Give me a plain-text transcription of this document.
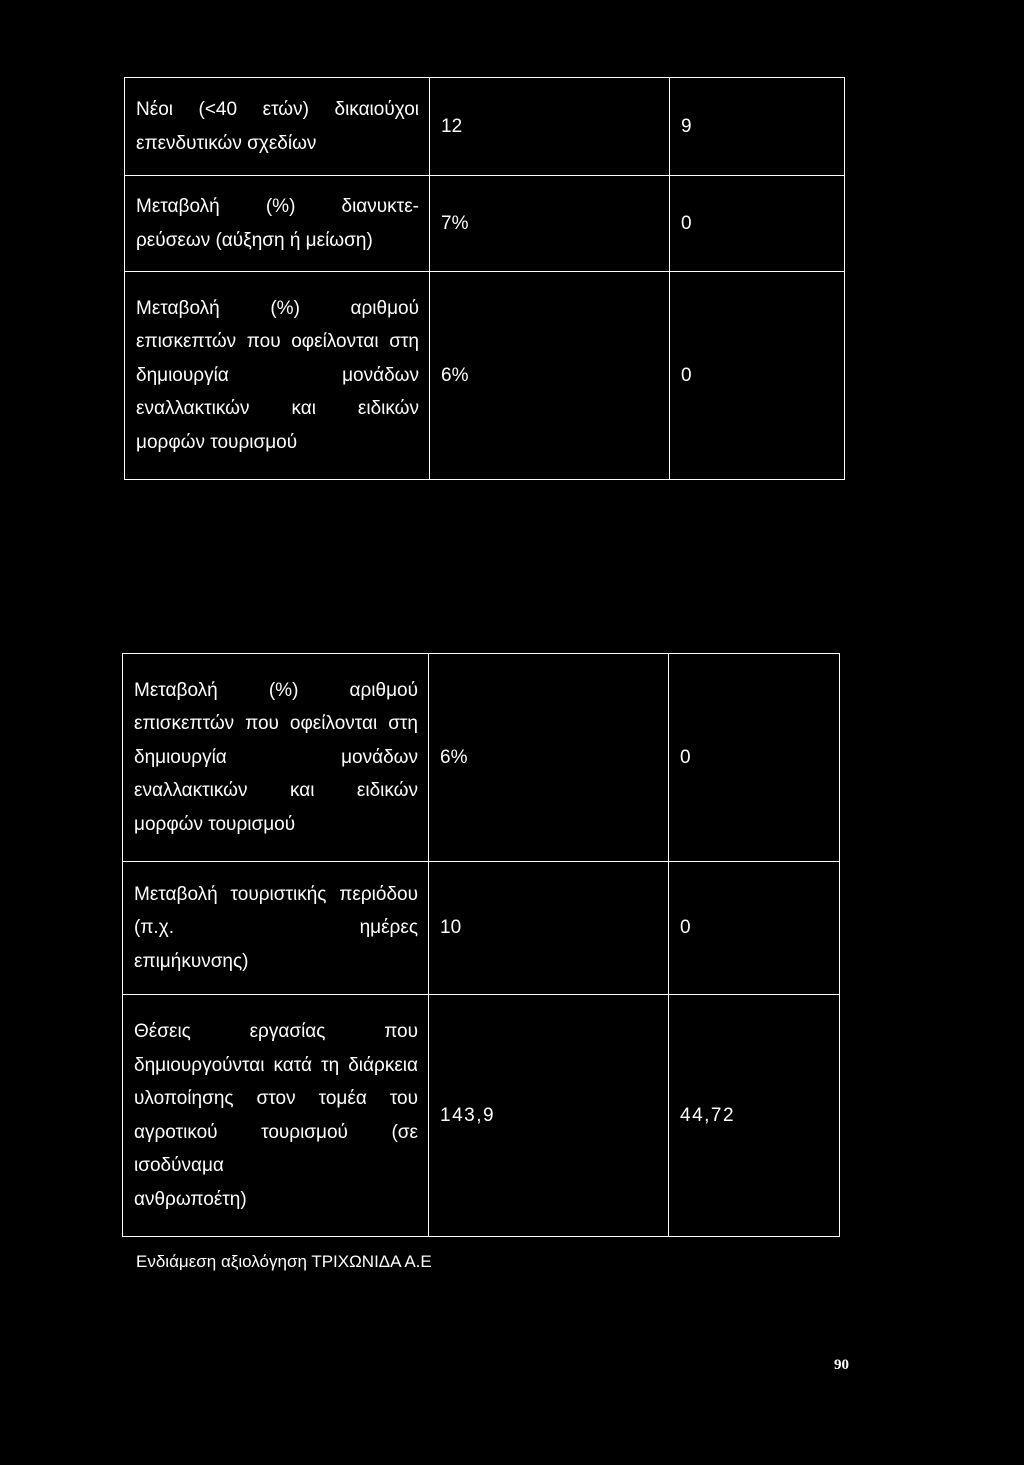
Νέοι (<40 ετών) δικαιούχοι
επενδυτικών σχεδίων	12	9
Μεταβολή (%) διανυκτε-
ρεύσεων (αύξηση ή μείωση)	7%	0
Μεταβολή (%) αριθμού επισκεπτών που οφείλονται στη δημιουργία μονάδων εναλλακτικών και ειδικών
μορφών τουρισμού	6%	0
Μεταβολή (%) αριθμού επισκεπτών που οφείλονται στη δημιουργία μονάδων εναλλακτικών και ειδικών
μορφών τουρισμού	6%	0
Μεταβολή τουριστικής περιόδου (π.χ. ημέρες
επιμήκυνσης)	10	0
Θέσεις εργασίας που δημιουργούνται κατά τη διάρκεια υλοποίησης στον τομέα του αγροτικού τουρισμού (σε ισοδύναμα
ανθρωποέτη)	143,9	44,72
Ενδιάμεση αξιολόγηση ΤΡΙΧΩΝΙΔΑ Α.Ε
90
